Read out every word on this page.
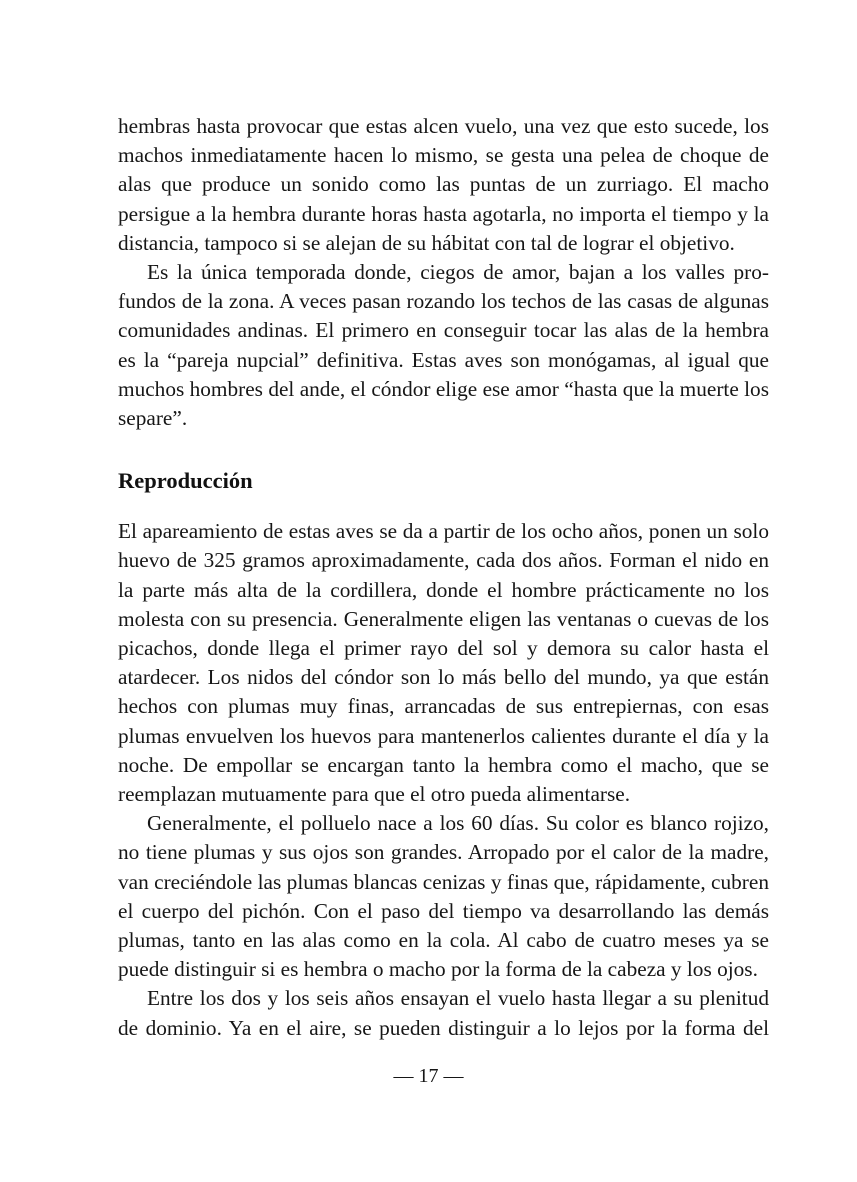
hembras hasta provocar que estas alcen vuelo, una vez que esto sucede, los machos inmediatamente hacen lo mismo, se gesta una pelea de choque de alas que produce un sonido como las puntas de un zurriago. El macho persigue a la hembra durante horas hasta agotarla, no importa el tiempo y la distancia, tampoco si se alejan de su hábitat con tal de lograr el objetivo.

Es la única temporada donde, ciegos de amor, bajan a los valles profundos de la zona. A veces pasan rozando los techos de las casas de algunas comunidades andinas. El primero en conseguir tocar las alas de la hembra es la “pareja nupcial” definitiva. Estas aves son monógamas, al igual que muchos hombres del ande, el cóndor elige ese amor “hasta que la muerte los separe”.

Reproducción

El apareamiento de estas aves se da a partir de los ocho años, ponen un solo huevo de 325 gramos aproximadamente, cada dos años. Forman el nido en la parte más alta de la cordillera, donde el hombre prácticamente no los molesta con su presencia. Generalmente eligen las ventanas o cuevas de los picachos, donde llega el primer rayo del sol y demora su calor hasta el atardecer. Los nidos del cóndor son lo más bello del mundo, ya que están hechos con plumas muy finas, arrancadas de sus entrepiernas, con esas plumas envuelven los huevos para mantenerlos calientes durante el día y la noche. De empollar se encargan tanto la hembra como el macho, que se reemplazan mutuamente para que el otro pueda alimentarse.

Generalmente, el polluelo nace a los 60 días. Su color es blanco rojizo, no tiene plumas y sus ojos son grandes. Arropado por el calor de la madre, van creciéndole las plumas blancas cenizas y finas que, rápidamente, cubren el cuerpo del pichón. Con el paso del tiempo va desarrollando las demás plumas, tanto en las alas como en la cola. Al cabo de cuatro meses ya se puede distinguir si es hembra o macho por la forma de la cabeza y los ojos.

Entre los dos y los seis años ensayan el vuelo hasta llegar a su plenitud de dominio. Ya en el aire, se pueden distinguir a lo lejos por la forma del

— 17 —
